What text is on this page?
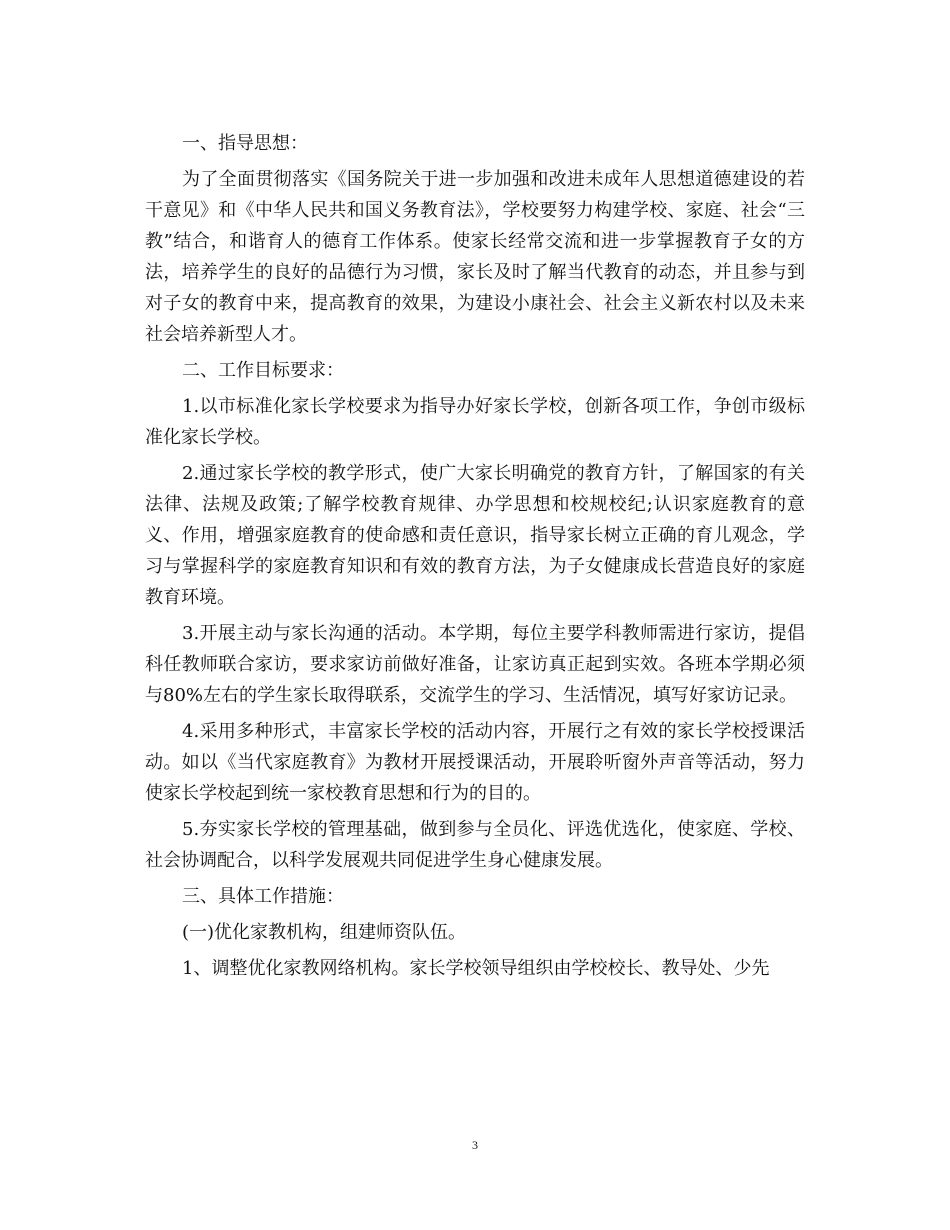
一、指导思想：

为了全面贯彻落实《国务院关于进一步加强和改进未成年人思想道德建设的若干意见》和《中华人民共和国义务教育法》，学校要努力构建学校、家庭、社会“三教”结合，和谐育人的德育工作体系。使家长经常交流和进一步掌握教育子女的方法，培养学生的良好的品德行为习惯，家长及时了解当代教育的动态，并且参与到对子女的教育中来，提高教育的效果，为建设小康社会、社会主义新农村以及未来社会培养新型人才。

二、工作目标要求：

1.以市标准化家长学校要求为指导办好家长学校，创新各项工作，争创市级标准化家长学校。

2.通过家长学校的教学形式，使广大家长明确党的教育方针，了解国家的有关法律、法规及政策;了解学校教育规律、办学思想和校规校纪;认识家庭教育的意义、作用，增强家庭教育的使命感和责任意识，指导家长树立正确的育儿观念，学习与掌握科学的家庭教育知识和有效的教育方法，为子女健康成长营造良好的家庭教育环境。

3.开展主动与家长沟通的活动。本学期，每位主要学科教师需进行家访，提倡科任教师联合家访，要求家访前做好准备，让家访真正起到实效。各班本学期必须与80%左右的学生家长取得联系，交流学生的学习、生活情况，填写好家访记录。

4.采用多种形式，丰富家长学校的活动内容，开展行之有效的家长学校授课活动。如以《当代家庭教育》为教材开展授课活动，开展聆听窗外声音等活动，努力使家长学校起到统一家校教育思想和行为的目的。

5.夯实家长学校的管理基础，做到参与全员化、评选优选化，使家庭、学校、社会协调配合，以科学发展观共同促进学生身心健康发展。

三、具体工作措施：

(一)优化家教机构，组建师资队伍。

1、调整优化家教网络机构。家长学校领导组织由学校校长、教导处、少先

3
